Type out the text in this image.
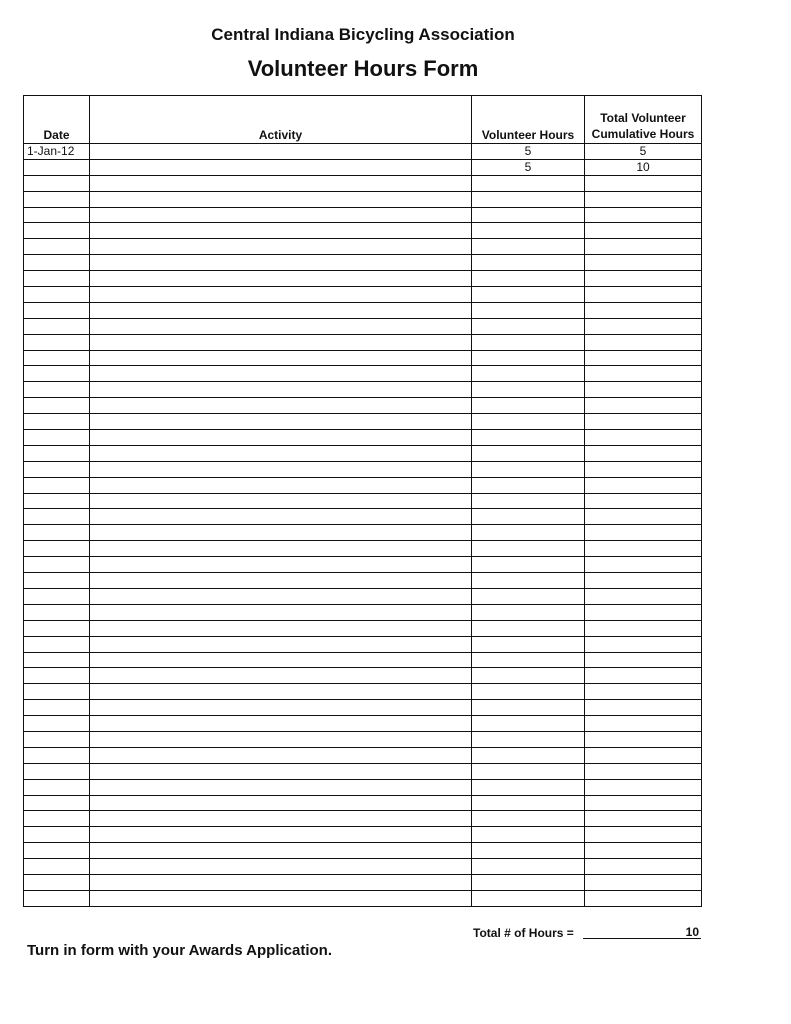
Central Indiana Bicycling Association
Volunteer Hours Form
Date	Activity	Volunteer Hours	Total Volunteer
Cumulative Hours

1-Jan-12		5	5
		5	10

Total # of Hours =	10
Turn in form with your Awards Application.
